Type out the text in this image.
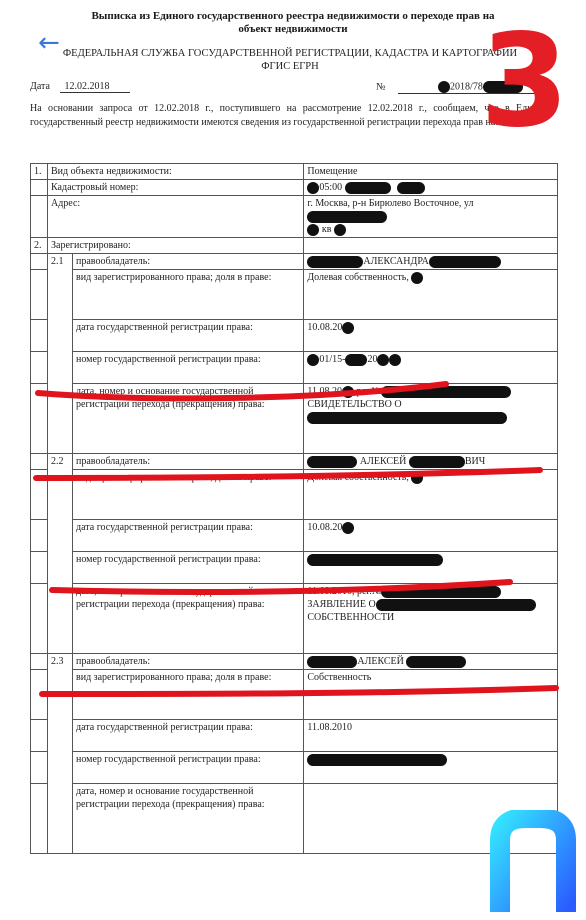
←
Выписка из Единого государственного реестра недвижимости о переходе прав на
объект недвижимости
ФЕДЕРАЛЬНАЯ СЛУЖБА ГОСУДАРСТВЕННОЙ РЕГИСТРАЦИИ, КАДАСТРА И КАРТОГРАФИИ
ФГИС ЕГРН
Дата 12.02.2018	№	2018/78
На основании запроса от 12.02.2018 г., поступившего на рассмотрение 12.02.2018 г., сообщаем, что в Единый государственный реестр недвижимости имеются сведения из государственной регистрации перехода прав на:
1.	Вид объекта недвижимости:		Помещение
	Кадастровый номер:		05:00
	Адрес:		г. Москва, р-н Бирюлево Восточное, ул
кв
2.	Зарегистрировано:		
	2.1	правообладатель:	АЛЕКСАНДРА
		вид зарегистрированного права; доля в праве:	Долевая собственность,
		дата государственной регистрации права:	10.08.20
		номер государственной регистрации права:	01/15- 20
		дата, номер и основание государственной регистрации перехода (прекращения) права:	11.08.20 рег.№
СВИДЕТЕЛЬСТВО О
	2.2	правообладатель:	АЛЕКСЕЙ ВИЧ
		вид зарегистрированного права; доля в праве:	Долевая собственность,
		дата государственной регистрации права:	10.08.20
		номер государственной регистрации права:	
		дата, номер и основание государственной регистрации перехода (прекращения) права:	11.08.2010, рег.№
ЗАЯВЛЕНИЕ О
СОБСТВЕННОСТИ
	2.3	правообладатель:	АЛЕКСЕЙ
		вид зарегистрированного права; доля в праве:	Собственность
		дата государственной регистрации права:	11.08.2010
		номер государственной регистрации права:	
		дата, номер и основание государственной регистрации перехода (прекращения) права:	
3
